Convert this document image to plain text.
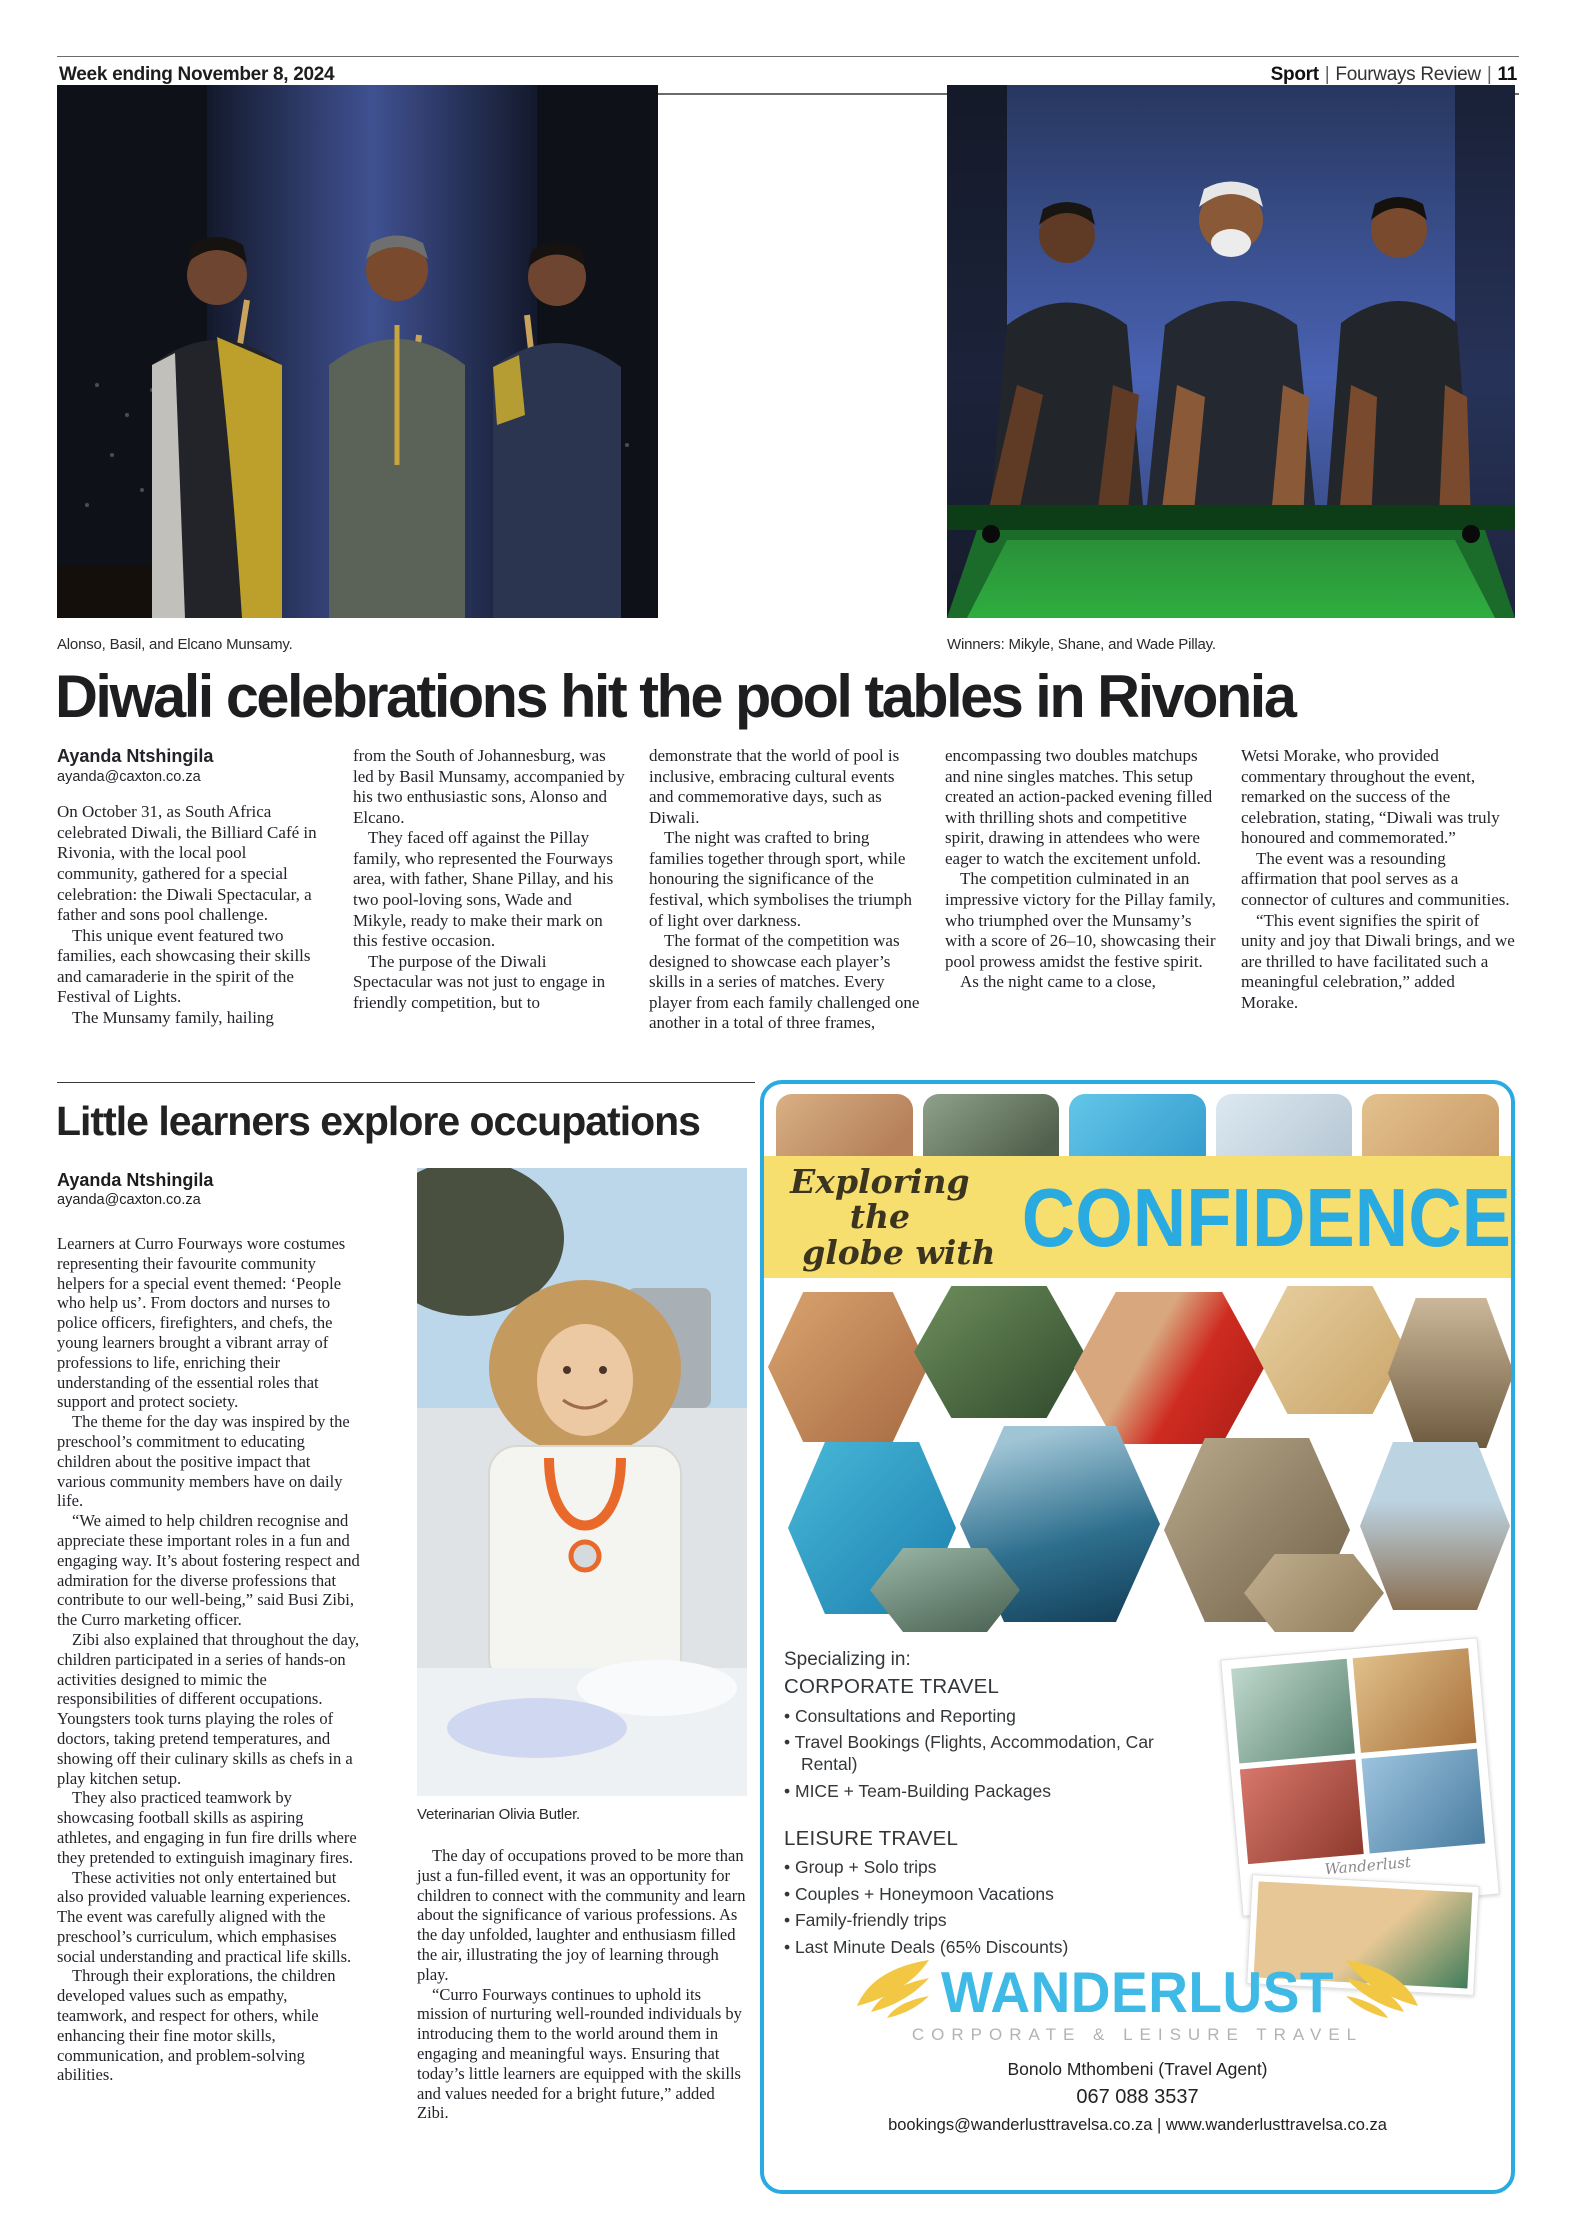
Week ending November 8, 2024	Sport | Fourways Review | 11
Alonso, Basil, and Elcano Munsamy.	Winners: Mikyle, Shane, and Wade Pillay.
Diwali celebrations hit the pool tables in Rivonia
Ayanda Ntshingila
ayanda@caxton.co.za

On October 31, as South Africa celebrated Diwali, the Billiard Café in Rivonia, with the local pool community, gathered for a special celebration: the Diwali Spectacular, a father and sons pool challenge.

This unique event featured two families, each showcasing their skills and camaraderie in the spirit of the Festival of Lights.

The Munsamy family, hailing

from the South of Johannesburg, was led by Basil Munsamy, accompanied by his two enthusiastic sons, Alonso and Elcano.

They faced off against the Pillay family, who represented the Fourways area, with father, Shane Pillay, and his two pool-loving sons, Wade and Mikyle, ready to make their mark on this festive occasion.

The purpose of the Diwali Spectacular was not just to engage in friendly competition, but to

demonstrate that the world of pool is inclusive, embracing cultural events and commemorative days, such as Diwali.

The night was crafted to bring families together through sport, while honouring the significance of the festival, which symbolises the triumph of light over darkness.

The format of the competition was designed to showcase each player’s skills in a series of matches. Every player from each family challenged one another in a total of three frames,

encompassing two doubles matchups and nine singles matches. This setup created an action-packed evening filled with thrilling shots and competitive spirit, drawing in attendees who were eager to watch the excitement unfold.

The competition culminated in an impressive victory for the Pillay family, who triumphed over the Munsamy’s with a score of 26–10, showcasing their pool prowess amidst the festive spirit.

As the night came to a close,

Wetsi Morake, who provided commentary throughout the event, remarked on the success of the celebration, stating, “Diwali was truly honoured and commemorated.”

The event was a resounding affirmation that pool serves as a connector of cultures and communities.

“This event signifies the spirit of unity and joy that Diwali brings, and we are thrilled to have facilitated such a meaningful celebration,” added Morake.

Little learners explore occupations
Ayanda Ntshingila
ayanda@caxton.co.za
Veterinarian Olivia Butler.

Learners at Curro Fourways wore costumes representing their favourite community helpers for a special event themed: ‘People who help us’. From doctors and nurses to police officers, firefighters, and chefs, the young learners brought a vibrant array of professions to life, enriching their understanding of the essential roles that support and protect society.

The theme for the day was inspired by the preschool’s commitment to educating children about the positive impact that various community members have on daily life.

“We aimed to help children recognise and appreciate these important roles in a fun and engaging way. It’s about fostering respect and admiration for the diverse professions that contribute to our well-being,” said Busi Zibi, the Curro marketing officer.

Zibi also explained that throughout the day, children participated in a series of hands-on activities designed to mimic the responsibilities of different occupations. Youngsters took turns playing the roles of doctors, taking pretend temperatures, and showing off their culinary skills as chefs in a play kitchen setup.

They also practiced teamwork by showcasing football skills as aspiring athletes, and engaging in fun fire drills where they pretended to extinguish imaginary fires.

These activities not only entertained but also provided valuable learning experiences. The event was carefully aligned with the preschool’s curriculum, which emphasises social understanding and practical life skills.

Through their explorations, the children developed values such as empathy, teamwork, and respect for others, while enhancing their fine motor skills, communication, and problem-solving abilities.

The day of occupations proved to be more than just a fun-filled event, it was an opportunity for children to connect with the community and learn about the significance of various professions. As the day unfolded, laughter and enthusiasm filled the air, illustrating the joy of learning through play.

“Curro Fourways continues to uphold its mission of nurturing well-rounded individuals by introducing them to the world around them in engaging and meaningful ways. Ensuring that today’s little learners are equipped with the skills and values needed for a bright future,” added Zibi.

Exploring the
globe with CONFIDENCE
Specializing in:
CORPORATE TRAVEL

• Consultations and Reporting

• Travel Bookings (Flights, Accommodation, Car Rental)

• MICE + Team-Building Packages

LEISURE TRAVEL

• Group + Solo trips

• Couples + Honeymoon Vacations

• Family-friendly trips

• Last Minute Deals (65% Discounts)

Wanderlust
WANDERLUST
CORPORATE & LEISURE TRAVEL
Bonolo Mthombeni (Travel Agent)
067 088 3537
bookings@wanderlusttravelsa.co.za | www.wanderlusttravelsa.co.za
